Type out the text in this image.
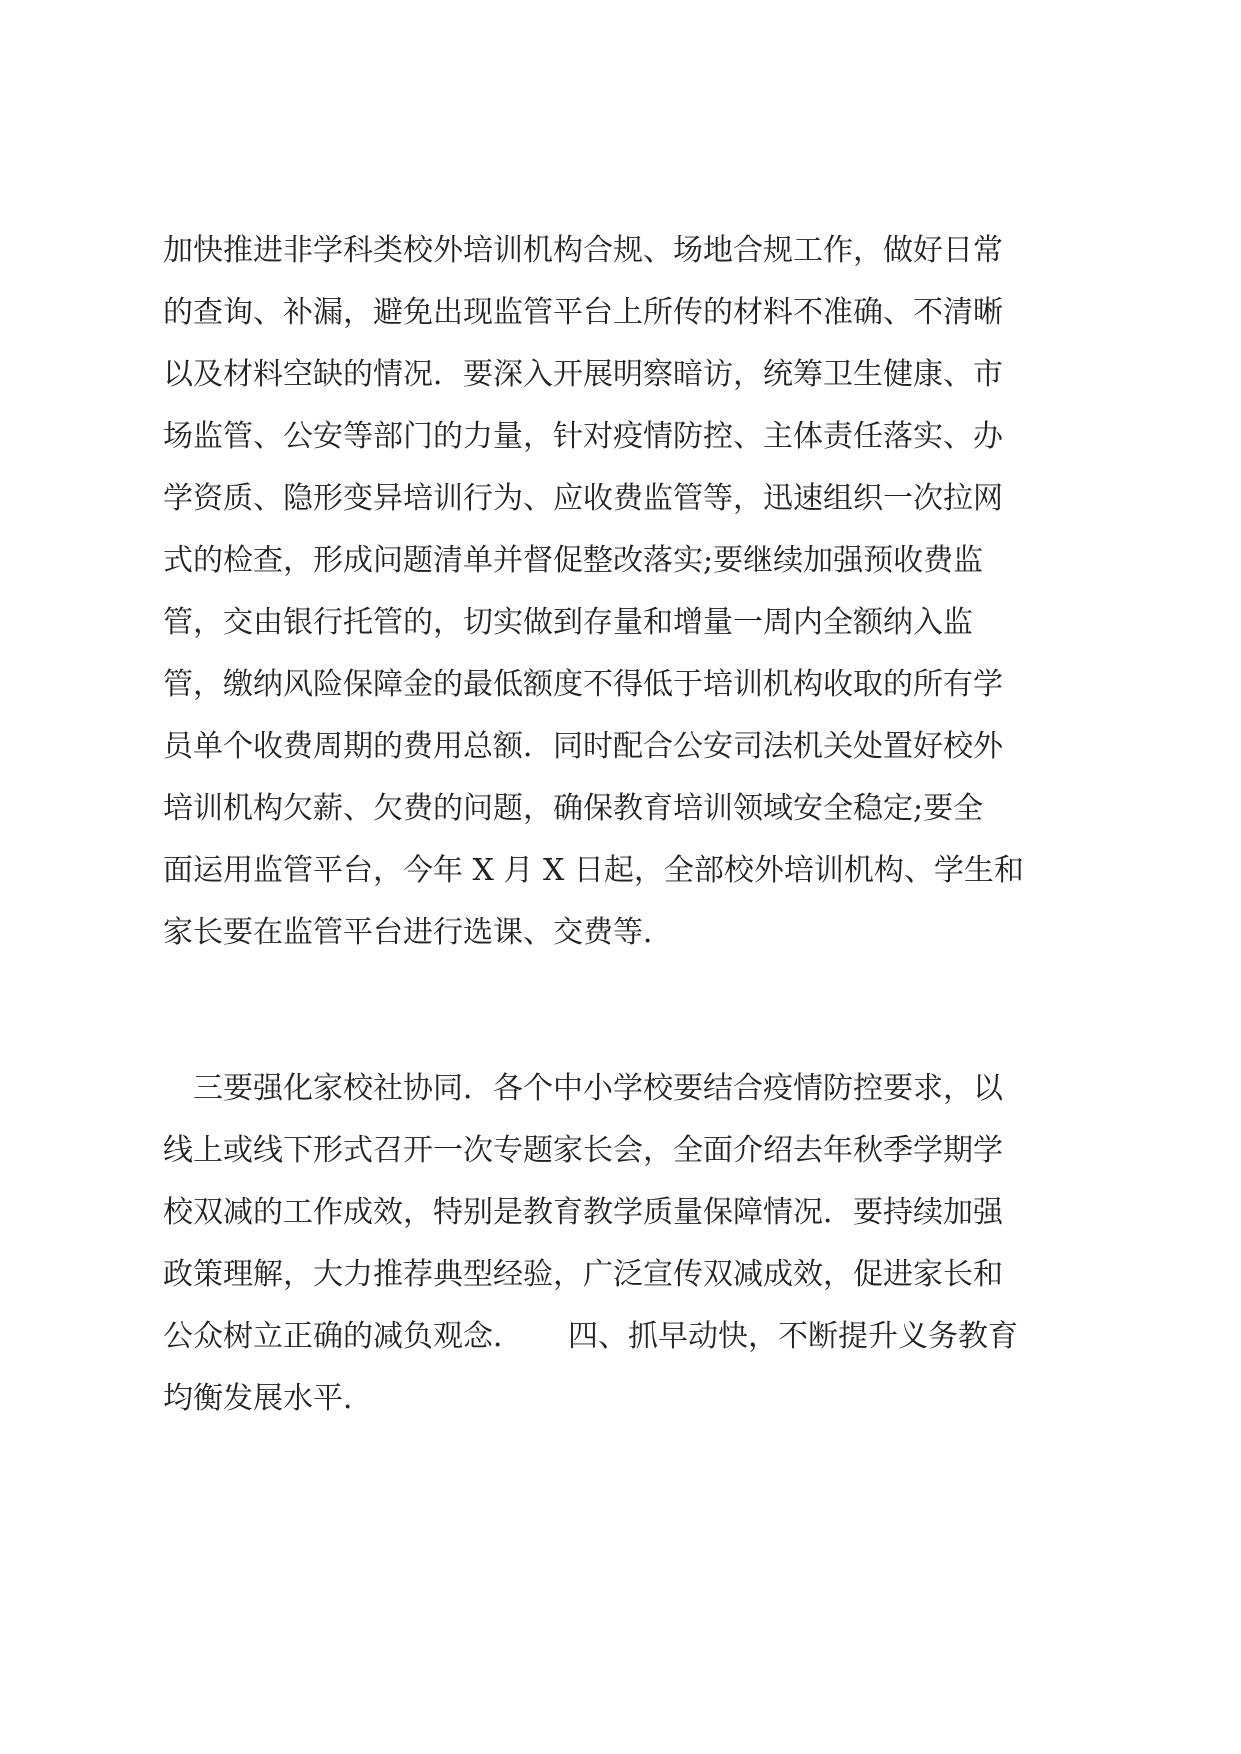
加快推进非学科类校外培训机构合规、场地合规工作，做好日常
的查询、补漏，避免出现监管平台上所传的材料不准确、不清晰
以及材料空缺的情况．要深入开展明察暗访，统筹卫生健康、市
场监管、公安等部门的力量，针对疫情防控、主体责任落实、办
学资质、隐形变异培训行为、应收费监管等，迅速组织一次拉网
式的检查，形成问题清单并督促整改落实;要继续加强预收费监
管，交由银行托管的，切实做到存量和增量一周内全额纳入监
管，缴纳风险保障金的最低额度不得低于培训机构收取的所有学
员单个收费周期的费用总额．同时配合公安司法机关处置好校外
培训机构欠薪、欠费的问题，确保教育培训领域安全稳定;要全
面运用监管平台，今年 X 月 X 日起，全部校外培训机构、学生和
家长要在监管平台进行选课、交费等．
　三要强化家校社协同．各个中小学校要结合疫情防控要求，以
线上或线下形式召开一次专题家长会，全面介绍去年秋季学期学
校双减的工作成效，特别是教育教学质量保障情况．要持续加强
政策理解，大力推荐典型经验，广泛宣传双减成效，促进家长和
公众树立正确的减负观念．　　四、抓早动快，不断提升义务教育
均衡发展水平．
